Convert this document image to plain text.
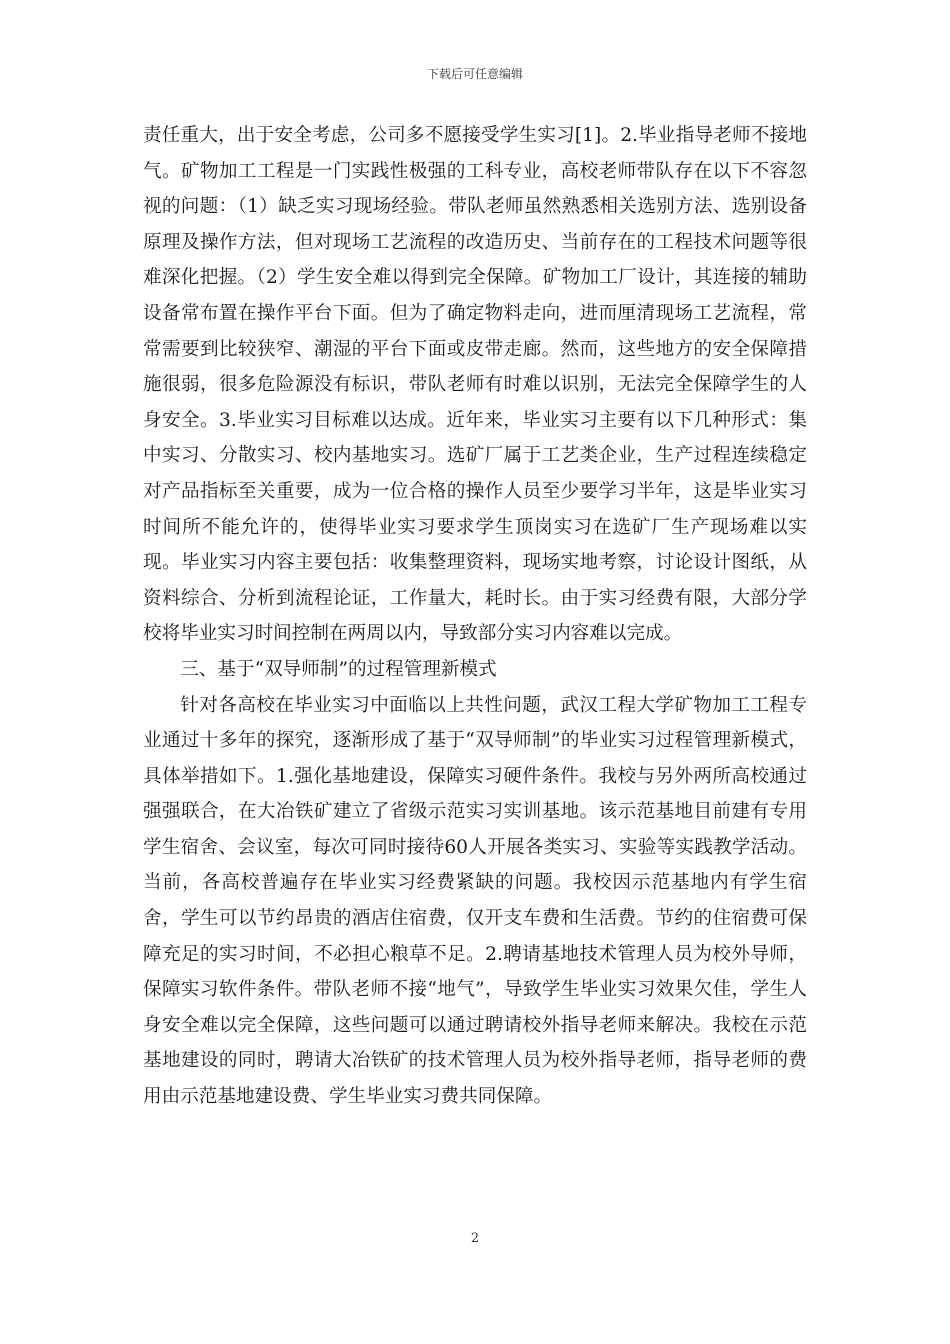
下载后可任意编辑

责任重大，出于安全考虑，公司多不愿接受学生实习[1]。2.毕业指导老师不接地气。矿物加工工程是一门实践性极强的工科专业，高校老师带队存在以下不容忽视的问题：（1）缺乏实习现场经验。带队老师虽然熟悉相关选别方法、选别设备原理及操作方法，但对现场工艺流程的改造历史、当前存在的工程技术问题等很难深化把握。（2）学生安全难以得到完全保障。矿物加工厂设计，其连接的辅助设备常布置在操作平台下面。但为了确定物料走向，进而厘清现场工艺流程，常常需要到比较狭窄、潮湿的平台下面或皮带走廊。然而，这些地方的安全保障措施很弱，很多危险源没有标识，带队老师有时难以识别，无法完全保障学生的人身安全。3.毕业实习目标难以达成。近年来，毕业实习主要有以下几种形式：集中实习、分散实习、校内基地实习。选矿厂属于工艺类企业，生产过程连续稳定对产品指标至关重要，成为一位合格的操作人员至少要学习半年，这是毕业实习时间所不能允许的，使得毕业实习要求学生顶岗实习在选矿厂生产现场难以实现。毕业实习内容主要包括：收集整理资料，现场实地考察，讨论设计图纸，从资料综合、分析到流程论证，工作量大，耗时长。由于实习经费有限，大部分学校将毕业实习时间控制在两周以内，导致部分实习内容难以完成。

三、基于“双导师制”的过程管理新模式

针对各高校在毕业实习中面临以上共性问题，武汉工程大学矿物加工工程专业通过十多年的探究，逐渐形成了基于“双导师制”的毕业实习过程管理新模式，具体举措如下。1.强化基地建设，保障实习硬件条件。我校与另外两所高校通过强强联合，在大冶铁矿建立了省级示范实习实训基地。该示范基地目前建有专用学生宿舍、会议室，每次可同时接待60人开展各类实习、实验等实践教学活动。当前，各高校普遍存在毕业实习经费紧缺的问题。我校因示范基地内有学生宿舍，学生可以节约昂贵的酒店住宿费，仅开支车费和生活费。节约的住宿费可保障充足的实习时间，不必担心粮草不足。2.聘请基地技术管理人员为校外导师，保障实习软件条件。带队老师不接“地气”，导致学生毕业实习效果欠佳，学生人身安全难以完全保障，这些问题可以通过聘请校外指导老师来解决。我校在示范基地建设的同时，聘请大冶铁矿的技术管理人员为校外指导老师，指导老师的费用由示范基地建设费、学生毕业实习费共同保障。

2
